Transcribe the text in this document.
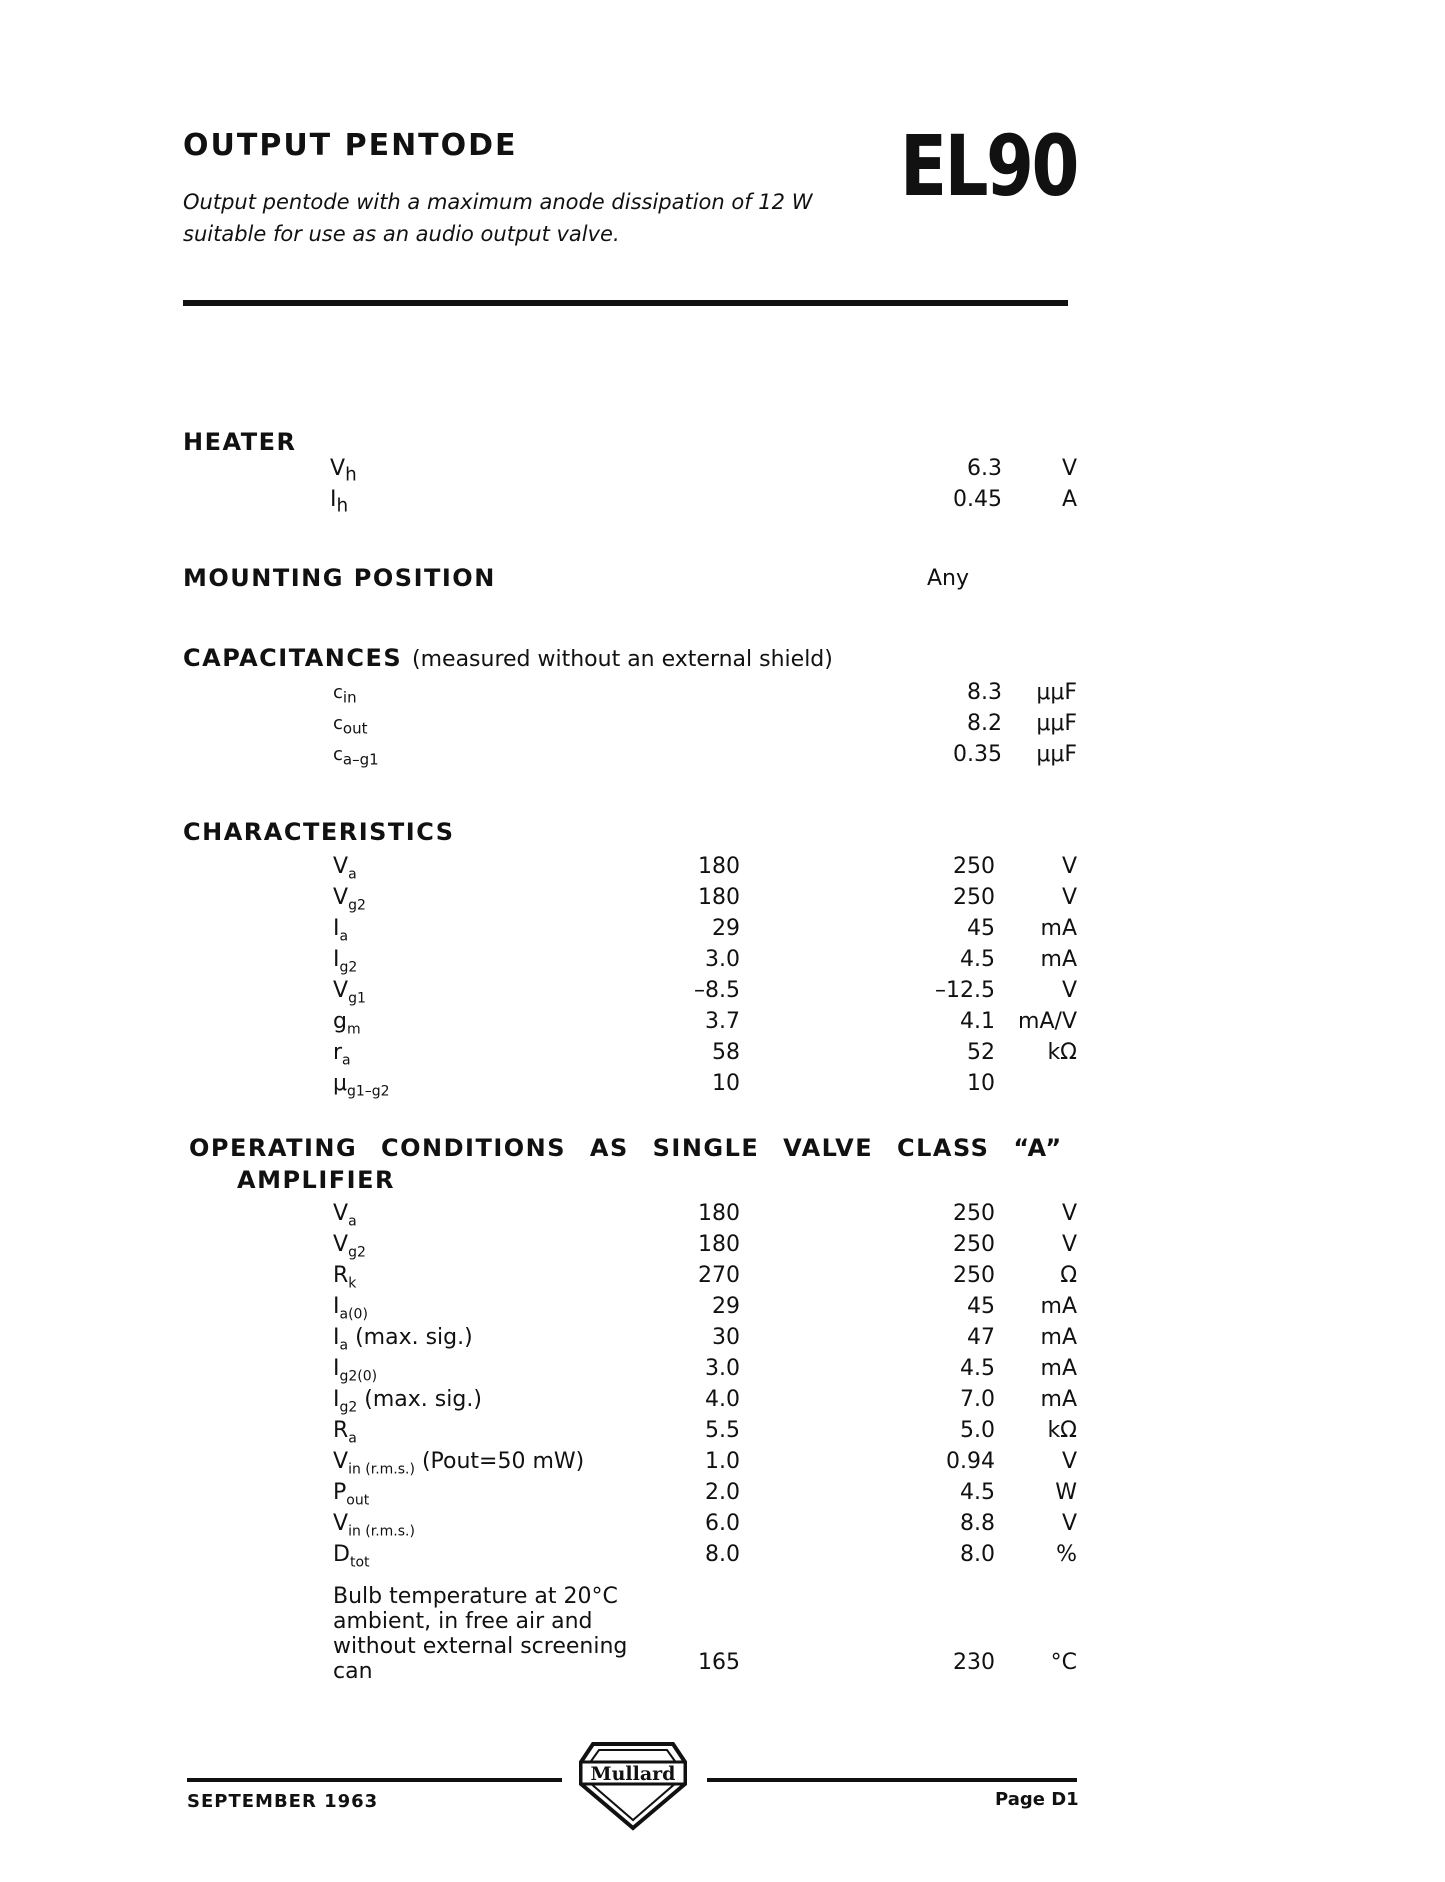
OUTPUT PENTODE
Output pentode with a maximum anode dissipation of 12 W suitable for use as an audio output valve.
EL90
HEATER
$V_h$	6.3	V
$I_h$	0.45	A
MOUNTING POSITION	Any
CAPACITANCES (measured without an external shield)
$c_{in}$	8.3	μμF
$c_{out}$	8.2	μμF
$c_{a-g1}$	0.35	μμF
CHARACTERISTICS
$V_a$	180	250	V
$V_{g2}$	180	250	V
$I_a$	29	45	mA
$I_{g2}$	3.0	4.5	mA
$V_{g1}$	–8.5	–12.5	V
$g_m$	3.7	4.1	mA/V
$r_a$	58	52	kΩ
$\mu_{g1-g2}$	10	10
OPERATING CONDITIONS AS SINGLE VALVE CLASS “A”
AMPLIFIER
$V_a$	180	250	V
$V_{g2}$	180	250	V
$R_k$	270	250	Ω
$I_{a(0)}$	29	45	mA
$I_a$ (max. sig.)	30	47	mA
$I_{g2(0)}$	3.0	4.5	mA
$I_{g2}$ (max. sig.)	4.0	7.0	mA
$R_a$	5.5	5.0	kΩ
$V_{in (r.m.s.)}$ (Pout=50 mW)	1.0	0.94	V
$P_{out}$	2.0	4.5	W
$V_{in (r.m.s.)}$	6.0	8.8	V
$D_{tot}$	8.0	8.0	%
Bulb temperature at 20°C ambient, in free air and without external screening can	165	230	°C
SEPTEMBER 1963	Page D1
Mullard
